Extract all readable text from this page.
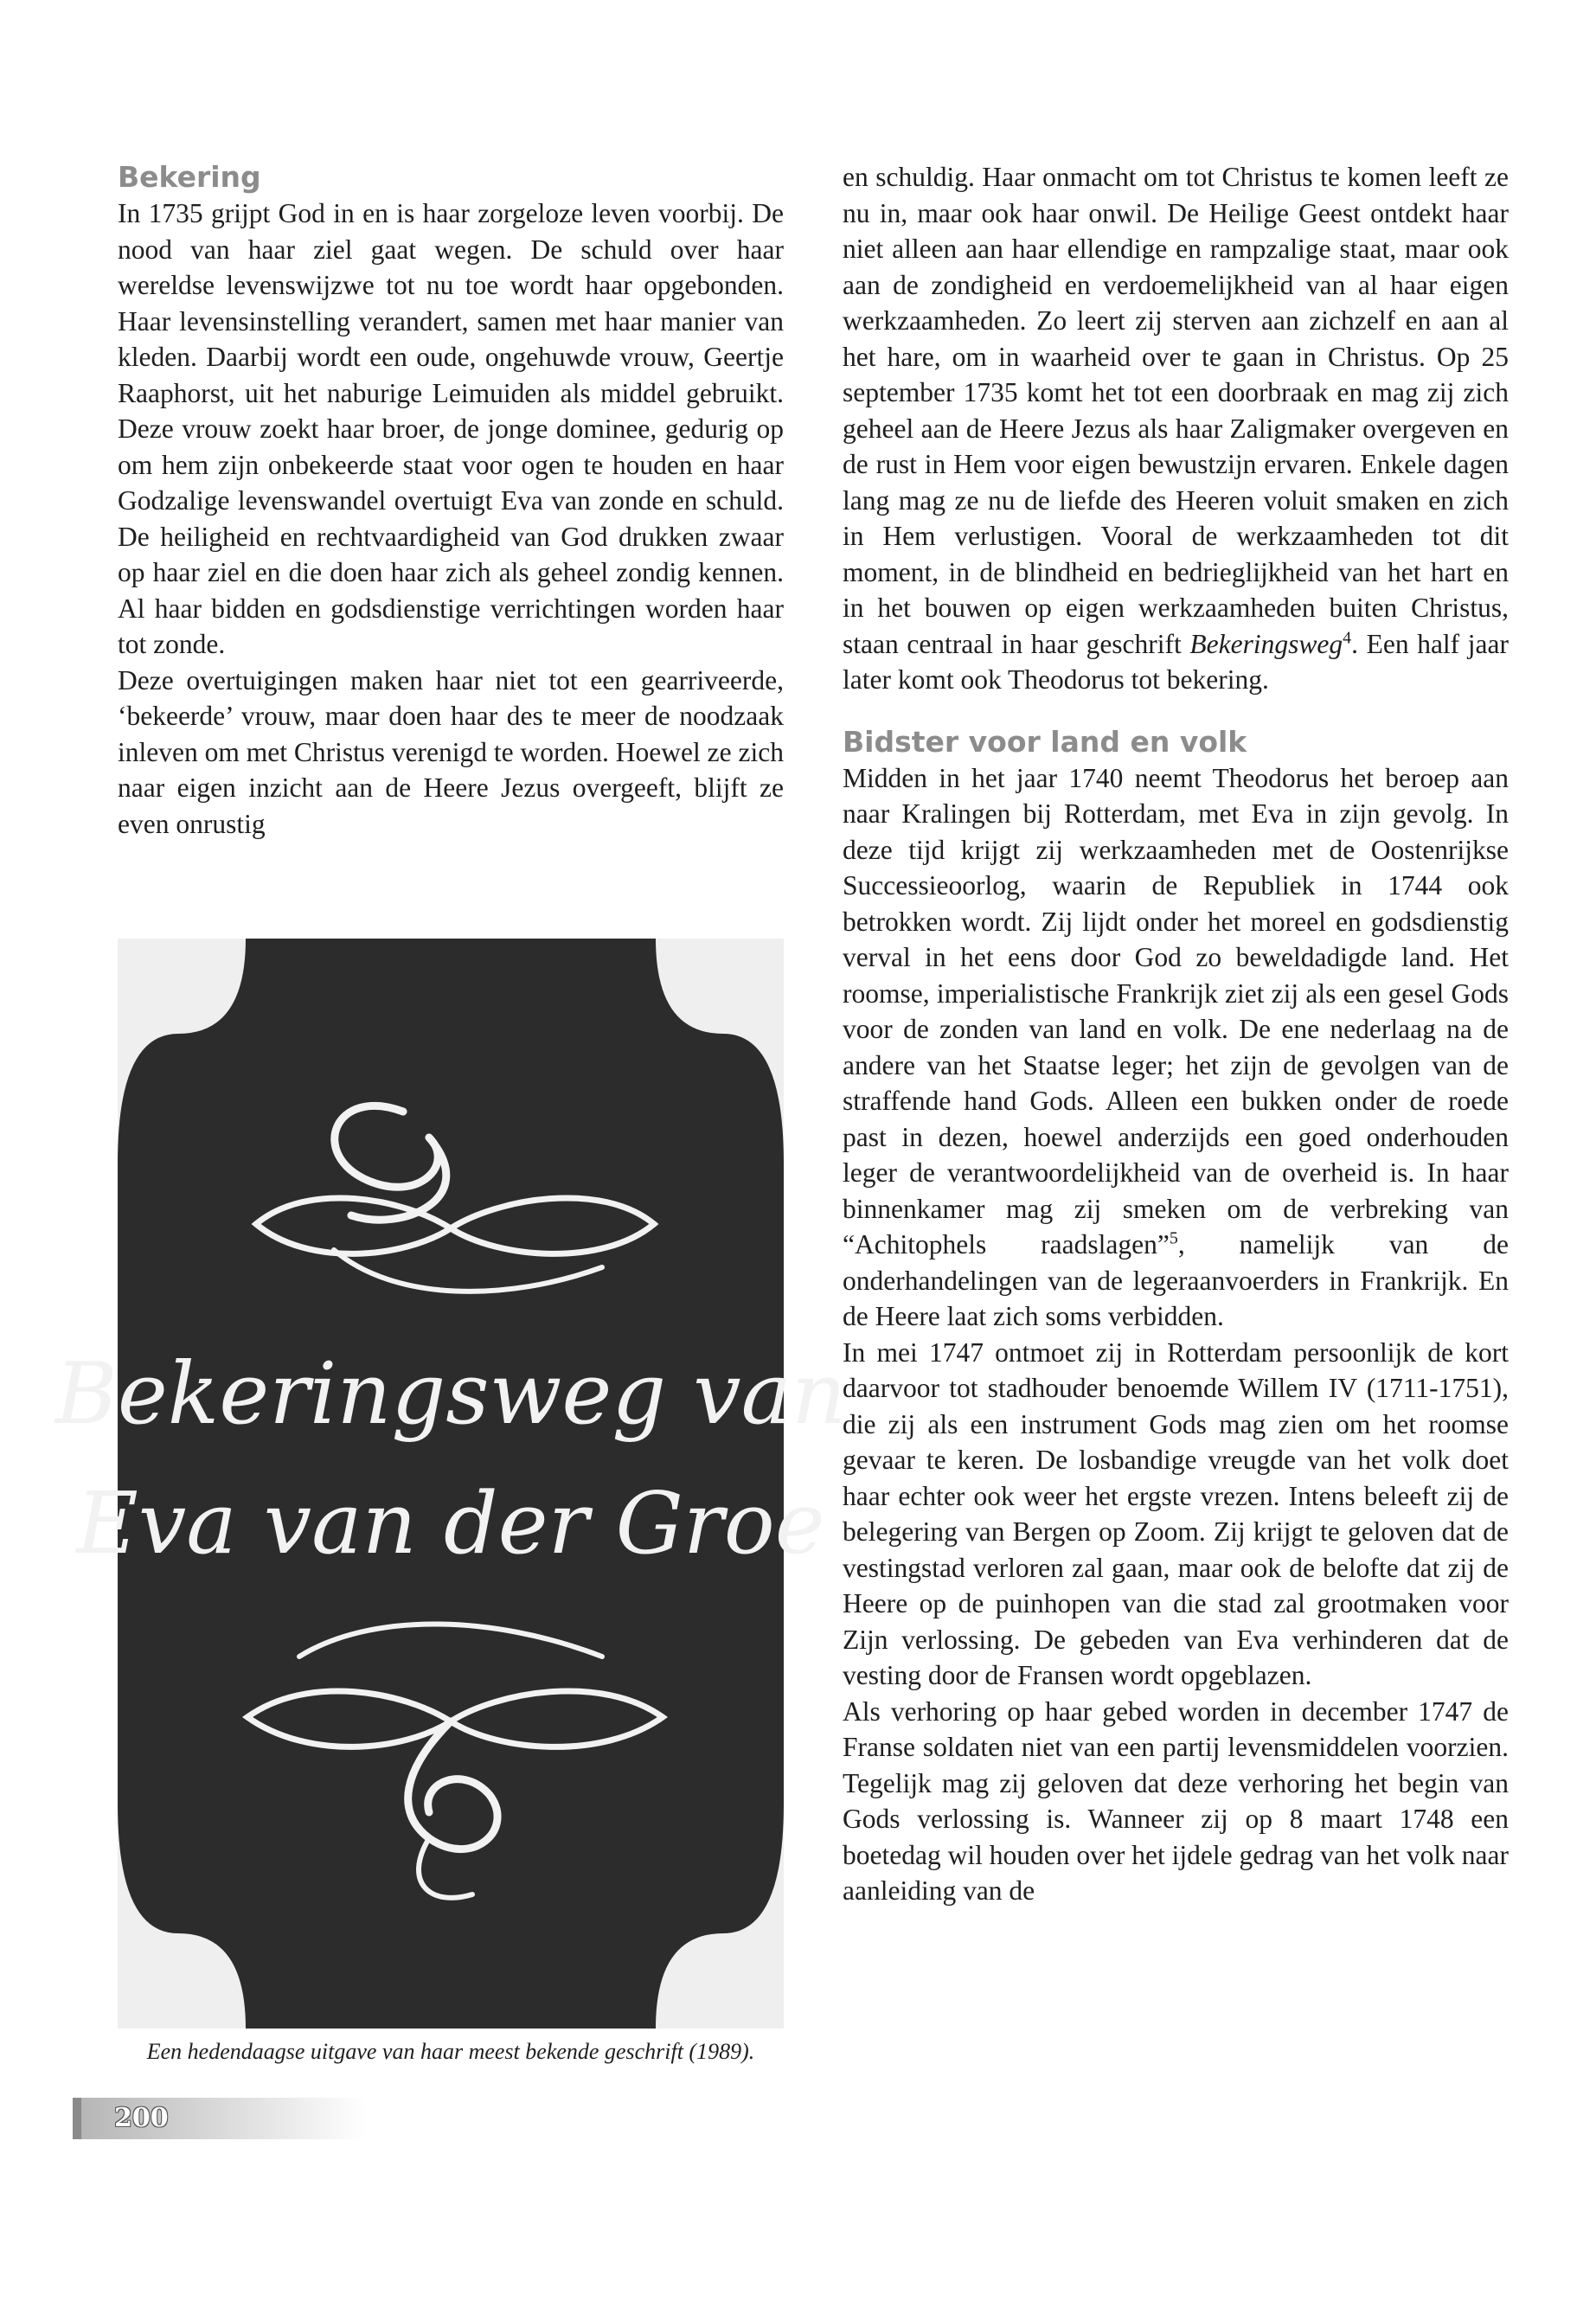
Bekering

In 1735 grijpt God in en is haar zorgeloze leven voorbij. De nood van haar ziel gaat wegen. De schuld over haar wereldse levenswijzwe tot nu toe wordt haar opgebonden. Haar levensinstelling verandert, samen met haar manier van kleden. Daarbij wordt een oude, ongehuwde vrouw, Geertje Raaphorst, uit het naburige Leimuiden als middel gebruikt. Deze vrouw zoekt haar broer, de jonge dominee, gedurig op om hem zijn onbekeerde staat voor ogen te houden en haar Godzalige levenswandel overtuigt Eva van zonde en schuld. De heiligheid en rechtvaardigheid van God drukken zwaar op haar ziel en die doen haar zich als geheel zondig kennen. Al haar bidden en godsdienstige verrichtingen worden haar tot zonde.

Deze overtuigingen maken haar niet tot een gearriveerde, ‘bekeerde’ vrouw, maar doen haar des te meer de noodzaak inleven om met Christus verenigd te worden. Hoewel ze zich naar eigen inzicht aan de Heere Jezus overgeeft, blijft ze even onrustig

Bekeringsweg van
Eva van der Groe

Een hedendaagse uitgave van haar meest bekende geschrift (1989).

en schuldig. Haar onmacht om tot Christus te komen leeft ze nu in, maar ook haar onwil. De Heilige Geest ontdekt haar niet alleen aan haar ellendige en rampzalige staat, maar ook aan de zondigheid en verdoemelijkheid van al haar eigen werkzaamheden. Zo leert zij sterven aan zichzelf en aan al het hare, om in waarheid over te gaan in Christus. Op 25 september 1735 komt het tot een doorbraak en mag zij zich geheel aan de Heere Jezus als haar Zaligmaker overgeven en de rust in Hem voor eigen bewustzijn ervaren. Enkele dagen lang mag ze nu de liefde des Heeren voluit smaken en zich in Hem verlustigen. Vooral de werkzaamheden tot dit moment, in de blindheid en bedrieglijkheid van het hart en in het bouwen op eigen werkzaamheden buiten Christus, staan centraal in haar geschrift Bekeringsweg$^4$. Een half jaar later komt ook Theodorus tot bekering.

Bidster voor land en volk

Midden in het jaar 1740 neemt Theodorus het beroep aan naar Kralingen bij Rotterdam, met Eva in zijn gevolg. In deze tijd krijgt zij werkzaamheden met de Oostenrijkse Successieoorlog, waarin de Republiek in 1744 ook betrokken wordt. Zij lijdt onder het moreel en godsdienstig verval in het eens door God zo beweldadigde land. Het roomse, imperialistische Frankrijk ziet zij als een gesel Gods voor de zonden van land en volk. De ene nederlaag na de andere van het Staatse leger; het zijn de gevolgen van de straffende hand Gods. Alleen een bukken onder de roede past in dezen, hoewel anderzijds een goed onderhouden leger de verantwoordelijkheid van de overheid is. In haar binnenkamer mag zij smeken om de verbreking van “Achitophels raadslagen”$^5$, namelijk van de onderhandelingen van de legeraanvoerders in Frankrijk. En de Heere laat zich soms verbidden.

In mei 1747 ontmoet zij in Rotterdam persoonlijk de kort daarvoor tot stadhouder benoemde Willem IV (1711-1751), die zij als een instrument Gods mag zien om het roomse gevaar te keren. De losbandige vreugde van het volk doet haar echter ook weer het ergste vrezen. Intens beleeft zij de belegering van Bergen op Zoom. Zij krijgt te geloven dat de vestingstad verloren zal gaan, maar ook de belofte dat zij de Heere op de puinhopen van die stad zal grootmaken voor Zijn verlossing. De gebeden van Eva verhinderen dat de vesting door de Fransen wordt opgeblazen.

Als verhoring op haar gebed worden in december 1747 de Franse soldaten niet van een partij levensmiddelen voorzien. Tegelijk mag zij geloven dat deze verhoring het begin van Gods verlossing is. Wanneer zij op 8 maart 1748 een boetedag wil houden over het ijdele gedrag van het volk naar aanleiding van de

200
